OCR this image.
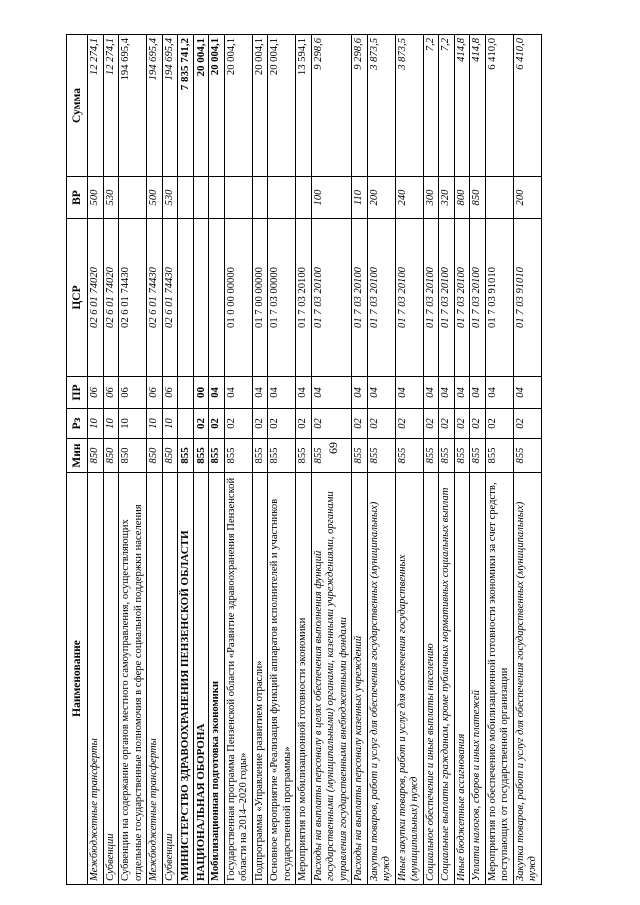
69
Наименование	Мин	Рз	ПР	ЦСР	ВР	Сумма
Межбюджетные трансферты	850	10	06	02 6 01 74020	500	12 274,1
Субвенции	850	10	06	02 6 01 74020	530	12 274,1
Субвенции на содержание органов местного самоуправления, осуществляющих отдельные государственные полномочия в сфере социальной поддержки населения	850	10	06	02 6 01 74430		194 695,4
Межбюджетные трансферты	850	10	06	02 6 01 74430	500	194 695,4
Субвенции	850	10	06	02 6 01 74430	530	194 695,4
МИНИСТЕРСТВО ЗДРАВООХРАНЕНИЯ ПЕНЗЕНСКОЙ ОБЛАСТИ	855					7 835 741,2
НАЦИОНАЛЬНАЯ ОБОРОНА	855	02	00			20 004,1
Мобилизационная подготовка экономики	855	02	04			20 004,1
Государственная программа Пензенской области «Развитие здравоохранения Пензенской области на 2014–2020 годы»	855	02	04	01 0 00 00000		20 004,1
Подпрограмма «Управление развитием отрасли»	855	02	04	01 7 00 00000		20 004,1
Основное мероприятие «Реализация функций аппаратов исполнителей и участников государственной программы»	855	02	04	01 7 03 00000		20 004,1
Мероприятия по мобилизационной готовности экономики	855	02	04	01 7 03 20100		13 594,1
Расходы на выплаты персоналу в целях обеспечения выполнения функций государственными (муниципальными) органами, казенными учреждениями, органами управления государственными внебюджетными фондами	855	02	04	01 7 03 20100	100	9 298,6
Расходы на выплаты персоналу казенных учреждений	855	02	04	01 7 03 20100	110	9 298,6
Закупка товаров, работ и услуг для обеспечения государственных (муниципальных) нужд	855	02	04	01 7 03 20100	200	3 873,5
Иные закупки товаров, работ и услуг для обеспечения государственных (муниципальных) нужд	855	02	04	01 7 03 20100	240	3 873,5
Социальное обеспечение и иные выплаты населению	855	02	04	01 7 03 20100	300	7,2
Социальные выплаты гражданам, кроме публичных нормативных социальных выплат	855	02	04	01 7 03 20100	320	7,2
Иные бюджетные ассигнования	855	02	04	01 7 03 20100	800	414,8
Уплата налогов, сборов и иных платежей	855	02	04	01 7 03 20100	850	414,8
Мероприятия по обеспечению мобилизационной готовности экономики за счет средств, поступающих от государственной организации	855	02	04	01 7 03 91010		6 410,0
Закупка товаров, работ и услуг для обеспечения государственных (муниципальных) нужд	855	02	04	01 7 03 91010	200	6 410,0
